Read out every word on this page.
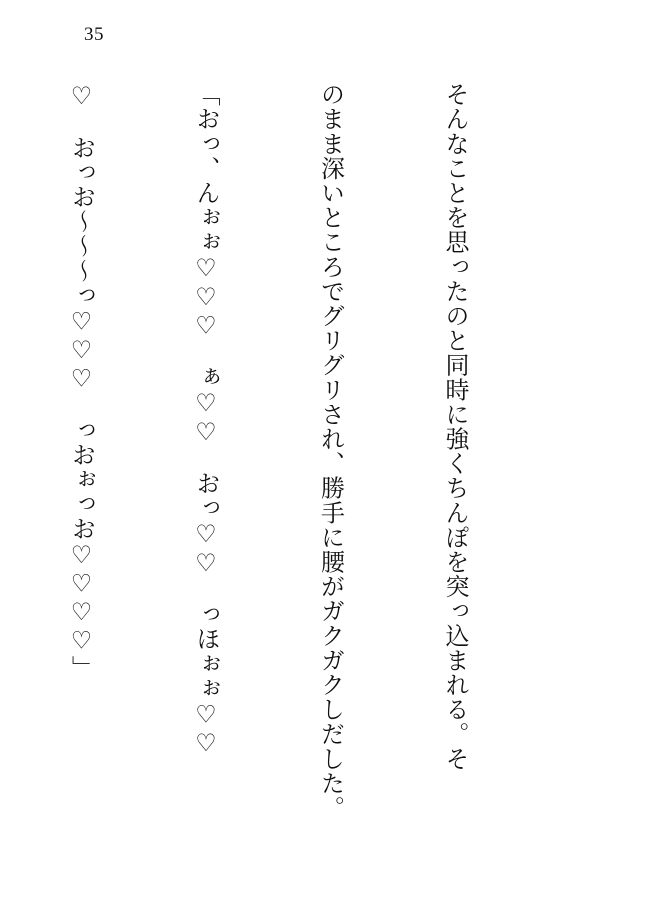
35

そんなことを思ったのと同時に強くちんぽを突っ込まれる。そ

のまま深いところでグリグリされ、勝手に腰がガクガクしだした。

「おっ、んぉぉ♡♡♡　ぁ♡♡　おっ♡♡　っほぉぉ♡♡

♡　おっお〜〜〜っ♡♡♡　っおぉっお♡♡♡♡」
